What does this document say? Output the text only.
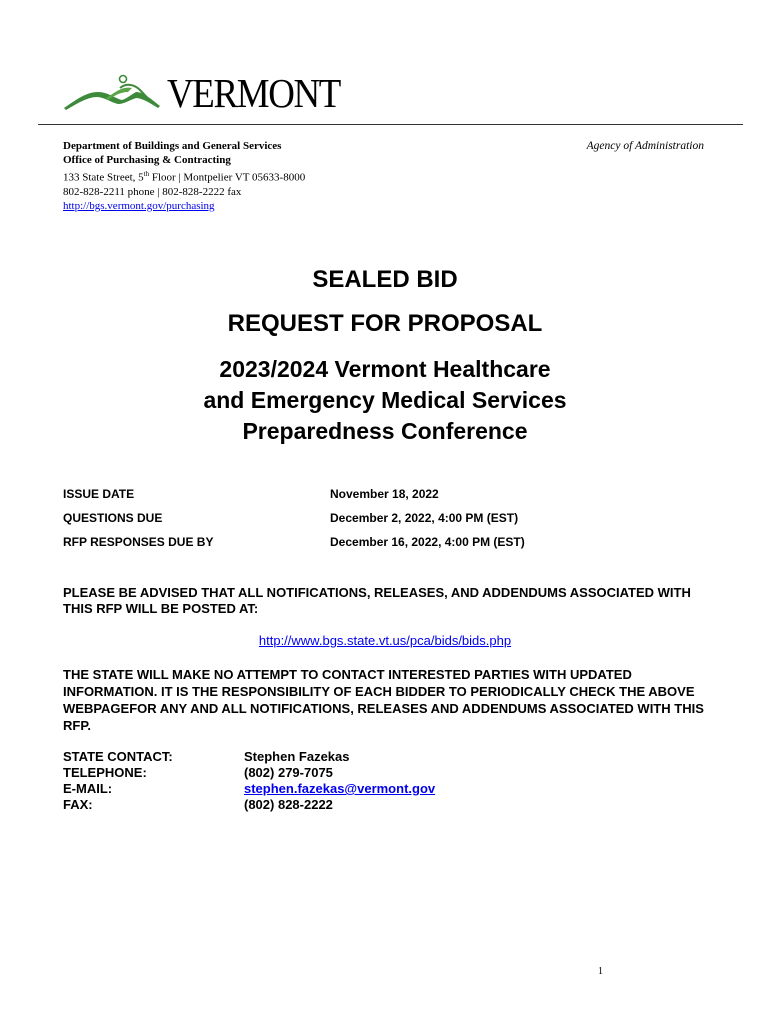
VERMONT
Department of Buildings and General Services
Office of Purchasing & Contracting
133 State Street, 5th Floor | Montpelier VT 05633-8000
802-828-2211 phone | 802-828-2222 fax
http://bgs.vermont.gov/purchasing
Agency of Administration
SEALED BID
REQUEST FOR PROPOSAL
2023/2024 Vermont Healthcare
and Emergency Medical Services
Preparedness Conference
ISSUE DATE	November 18, 2022
QUESTIONS DUE	December 2, 2022, 4:00 PM (EST)
RFP RESPONSES DUE BY	December 16, 2022, 4:00 PM (EST)
PLEASE BE ADVISED THAT ALL NOTIFICATIONS, RELEASES, AND ADDENDUMS ASSOCIATED WITH THIS RFP WILL BE POSTED AT:
http://www.bgs.state.vt.us/pca/bids/bids.php
THE STATE WILL MAKE NO ATTEMPT TO CONTACT INTERESTED PARTIES WITH UPDATED INFORMATION. IT IS THE RESPONSIBILITY OF EACH BIDDER TO PERIODICALLY CHECK THE ABOVE WEBPAGEFOR ANY AND ALL NOTIFICATIONS, RELEASES AND ADDENDUMS ASSOCIATED WITH THIS RFP.
STATE CONTACT:	Stephen Fazekas
TELEPHONE:	(802) 279-7075
E-MAIL:	stephen.fazekas@vermont.gov
FAX:	(802) 828-2222
1
